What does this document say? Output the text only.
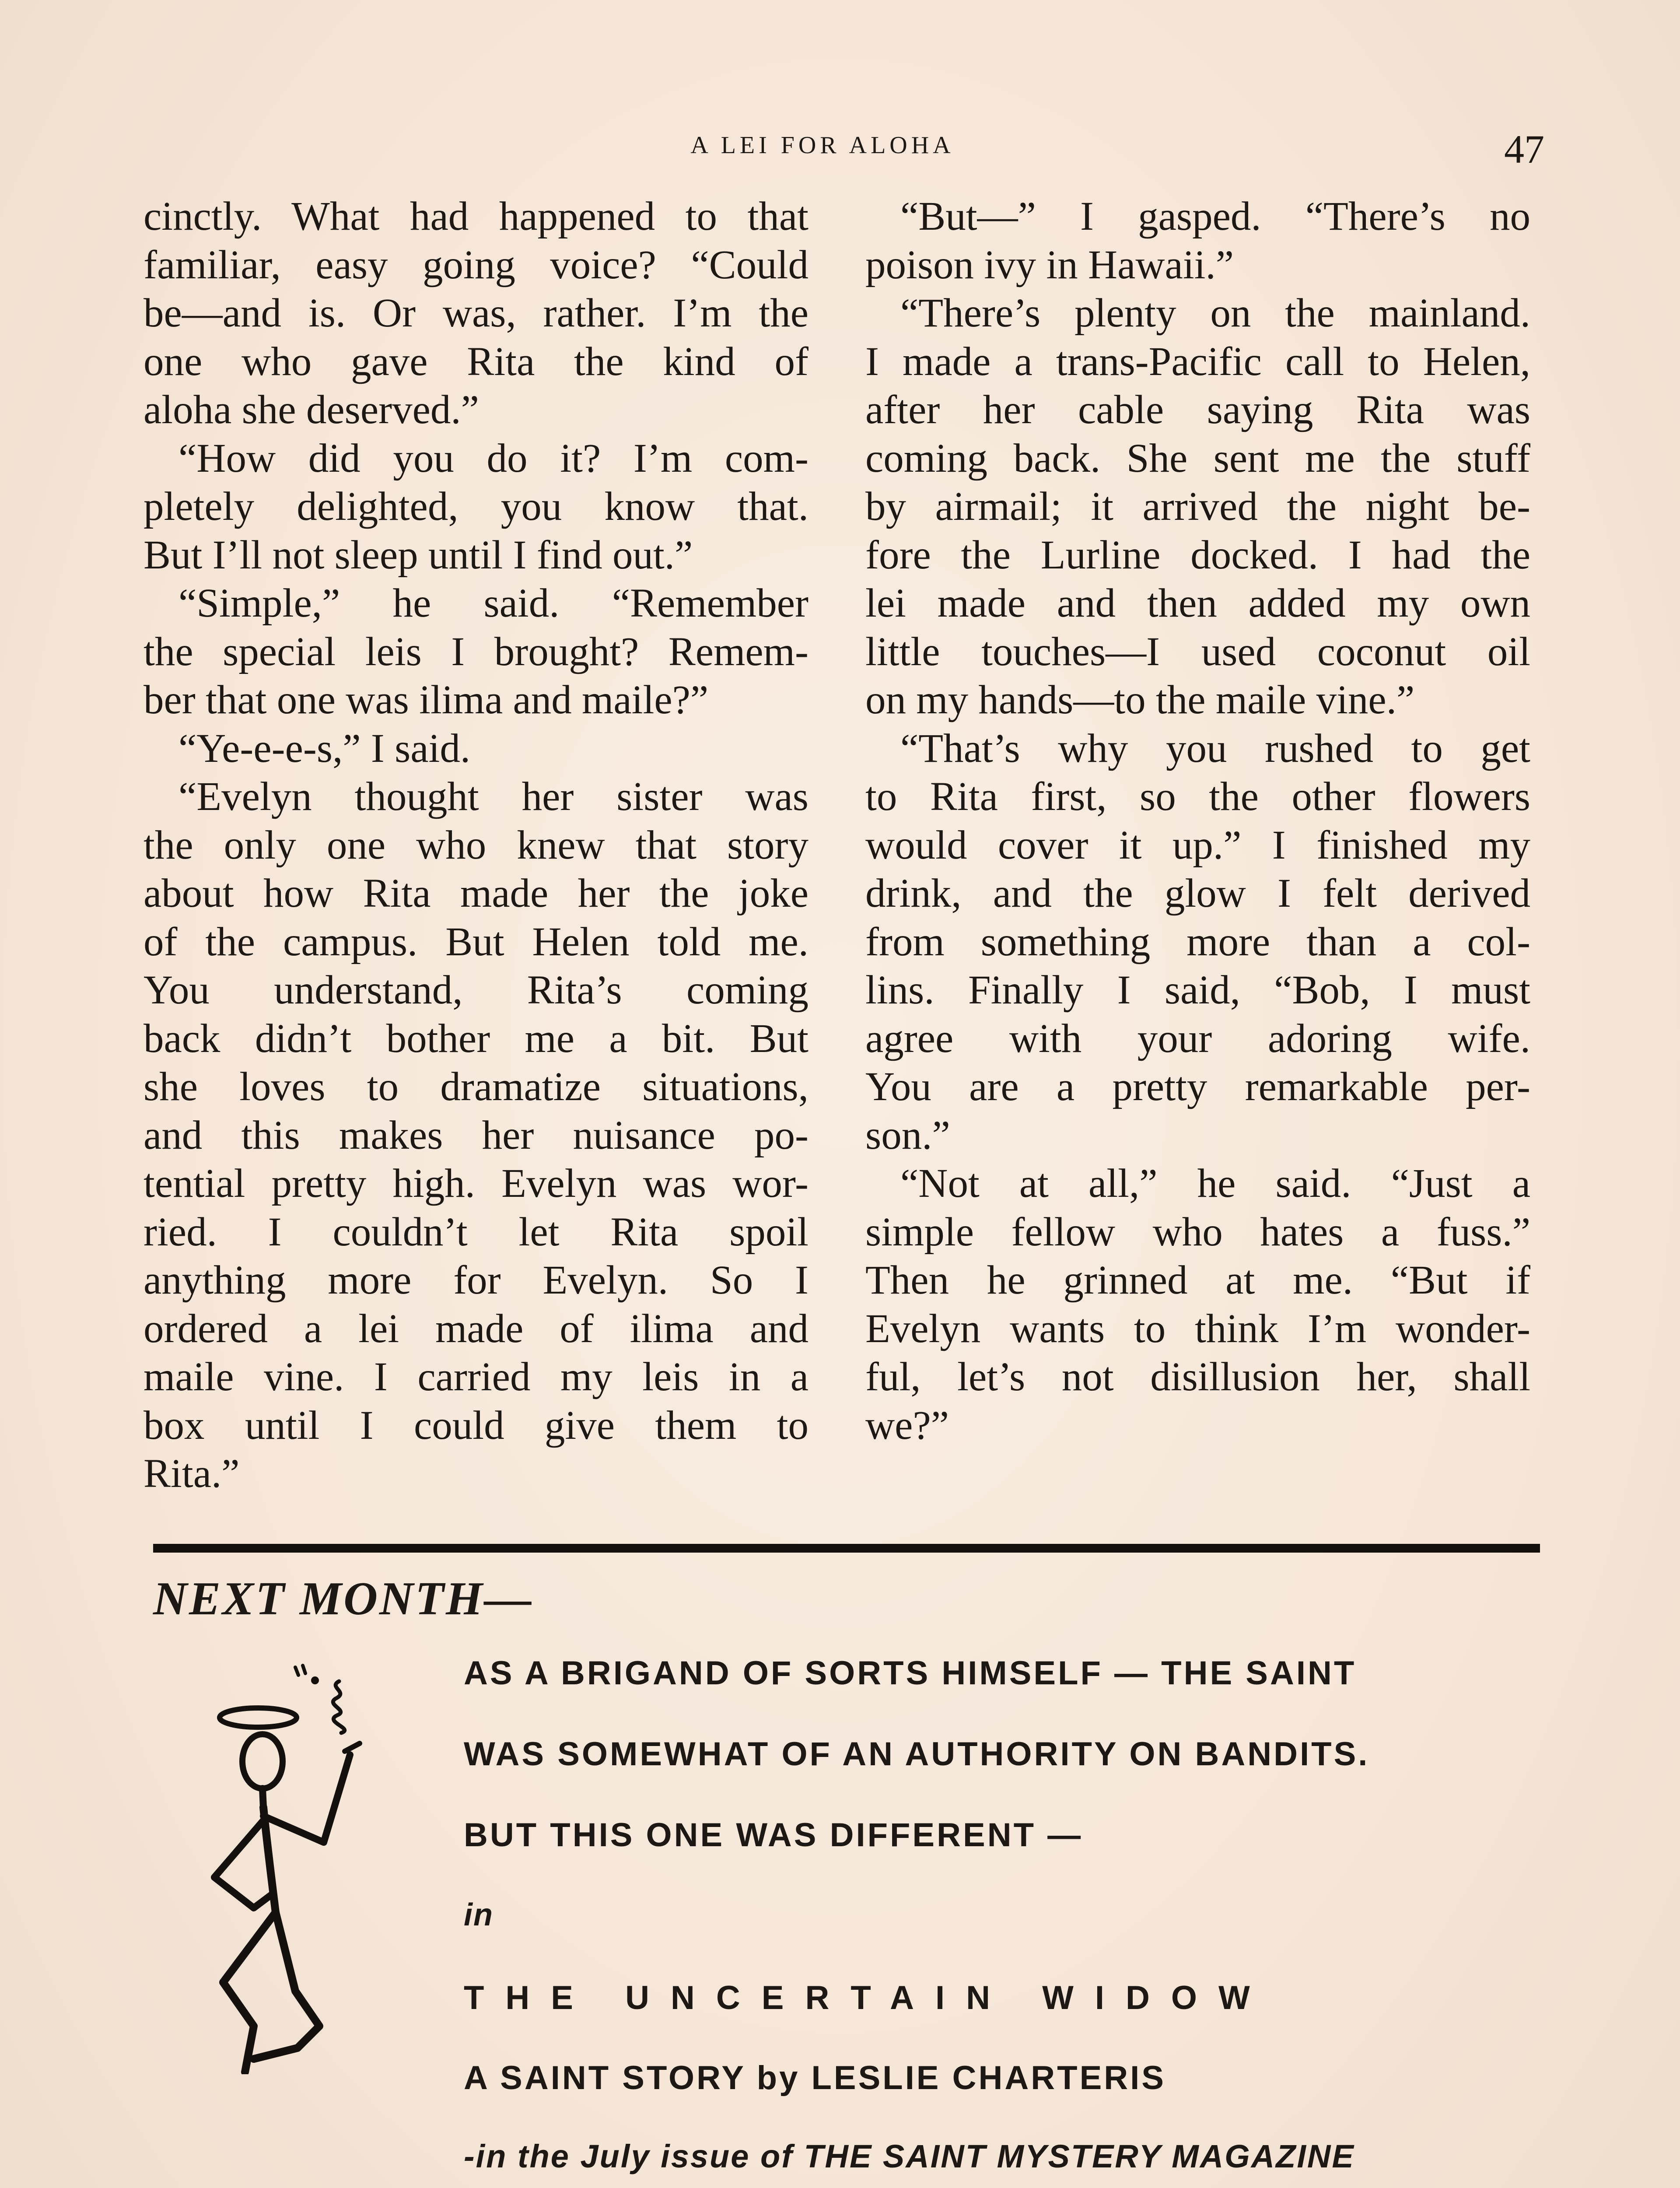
A LEI FOR ALOHA	47
cinctly. What had happened to that
familiar, easy going voice? “Could
be—and is. Or was, rather. I’m the
one who gave Rita the kind of
aloha she deserved.”
“How did you do it? I’m com-
pletely delighted, you know that.
But I’ll not sleep until I find out.”
“Simple,” he said. “Remember
the special leis I brought? Remem-
ber that one was ilima and maile?”
“Ye-e-e-s,” I said.
“Evelyn thought her sister was
the only one who knew that story
about how Rita made her the joke
of the campus. But Helen told me.
You understand, Rita’s coming
back didn’t bother me a bit. But
she loves to dramatize situations,
and this makes her nuisance po-
tential pretty high. Evelyn was wor-
ried. I couldn’t let Rita spoil
anything more for Evelyn. So I
ordered a lei made of ilima and
maile vine. I carried my leis in a
box until I could give them to
Rita.”
“But—” I gasped. “There’s no
poison ivy in Hawaii.”
“There’s plenty on the mainland.
I made a trans-Pacific call to Helen,
after her cable saying Rita was
coming back. She sent me the stuff
by airmail; it arrived the night be-
fore the Lurline docked. I had the
lei made and then added my own
little touches—I used coconut oil
on my hands—to the maile vine.”
“That’s why you rushed to get
to Rita first, so the other flowers
would cover it up.” I finished my
drink, and the glow I felt derived
from something more than a col-
lins. Finally I said, “Bob, I must
agree with your adoring wife.
You are a pretty remarkable per-
son.”
“Not at all,” he said. “Just a
simple fellow who hates a fuss.”
Then he grinned at me. “But if
Evelyn wants to think I’m wonder-
ful, let’s not disillusion her, shall
we?”
NEXT MONTH—
AS A BRIGAND OF SORTS HIMSELF — THE SAINT
WAS SOMEWHAT OF AN AUTHORITY ON BANDITS.
BUT THIS ONE WAS DIFFERENT —
in
THE UNCERTAIN WIDOW
A SAINT STORY by LESLIE CHARTERIS
-in the July issue of THE SAINT MYSTERY MAGAZINE
